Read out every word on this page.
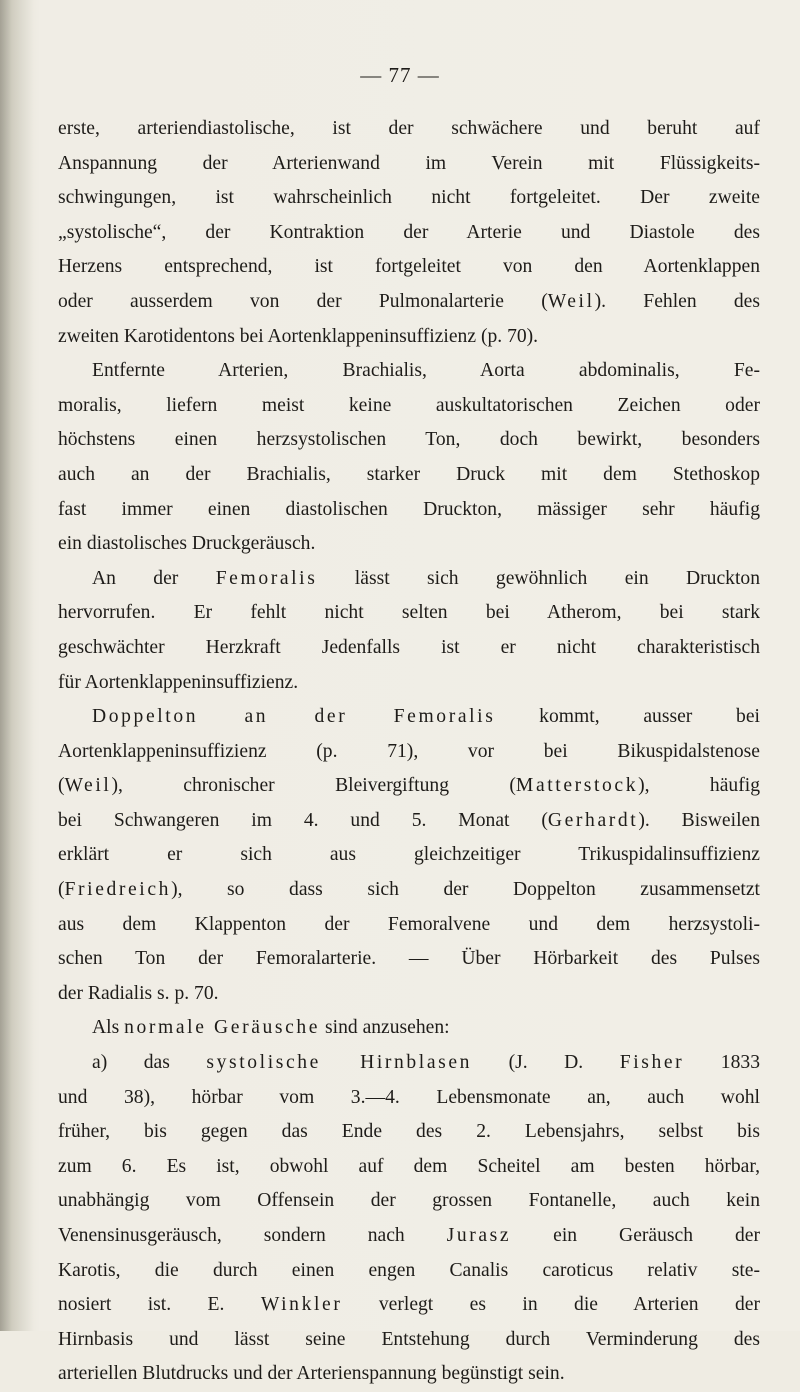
— 77 —
erste, arteriendiastolische, ist der schwächere und beruht auf
Anspannung der Arterienwand im Verein mit Flüssigkeits-
schwingungen, ist wahrscheinlich nicht fortgeleitet. Der zweite
„systolische“, der Kontraktion der Arterie und Diastole des
Herzens entsprechend, ist fortgeleitet von den Aortenklappen
oder ausserdem von der Pulmonalarterie (Weil). Fehlen des
zweiten Karotidentons bei Aortenklappeninsuffizienz (p. 70).
Entfernte Arterien, Brachialis, Aorta abdominalis, Fe-
moralis, liefern meist keine auskultatorischen Zeichen oder
höchstens einen herzsystolischen Ton, doch bewirkt, besonders
auch an der Brachialis, starker Druck mit dem Stethoskop
fast immer einen diastolischen Druckton, mässiger sehr häufig
ein diastolisches Druckgeräusch.
An der Femoralis lässt sich gewöhnlich ein Druckton
hervorrufen. Er fehlt nicht selten bei Atherom, bei stark
geschwächter Herzkraft Jedenfalls ist er nicht charakteristisch
für Aortenklappeninsuffizienz.
Doppelton an der Femoralis kommt, ausser bei
Aortenklappeninsuffizienz (p. 71), vor bei Bikuspidalstenose
(Weil), chronischer Bleivergiftung (Matterstock), häufig
bei Schwangeren im 4. und 5. Monat (Gerhardt). Bisweilen
erklärt er sich aus gleichzeitiger Trikuspidalinsuffizienz
(Friedreich), so dass sich der Doppelton zusammensetzt
aus dem Klappenton der Femoralvene und dem herzsystoli-
schen Ton der Femoralarterie. — Über Hörbarkeit des Pulses
der Radialis s. p. 70.
Als normale Geräusche sind anzusehen:
a) das systolische Hirnblasen (J. D. Fisher 1833
und 38), hörbar vom 3.—4. Lebensmonate an, auch wohl
früher, bis gegen das Ende des 2. Lebensjahrs, selbst bis
zum 6. Es ist, obwohl auf dem Scheitel am besten hörbar,
unabhängig vom Offensein der grossen Fontanelle, auch kein
Venensinusgeräusch, sondern nach Jurasz ein Geräusch der
Karotis, die durch einen engen Canalis caroticus relativ ste-
nosiert ist. E. Winkler verlegt es in die Arterien der
Hirnbasis und lässt seine Entstehung durch Verminderung des
arteriellen Blutdrucks und der Arterienspannung begünstigt sein.
